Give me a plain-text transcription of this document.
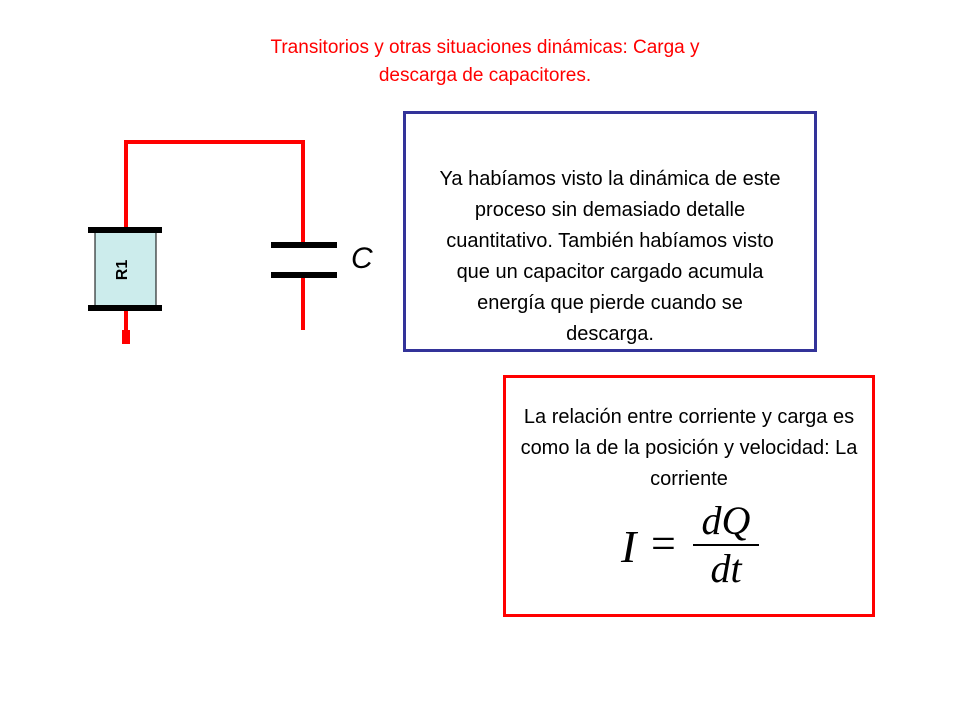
Transitorios y otras situaciones dinámicas: Carga y
descarga de capacitores.
R1	C
Ya habíamos visto la dinámica de este proceso sin demasiado detalle cuantitativo. También habíamos visto que un capacitor cargado acumula energía que pierde cuando se descarga.
La relación entre corriente y carga es como la de la posición y velocidad: La corriente
I = dQ
dt
